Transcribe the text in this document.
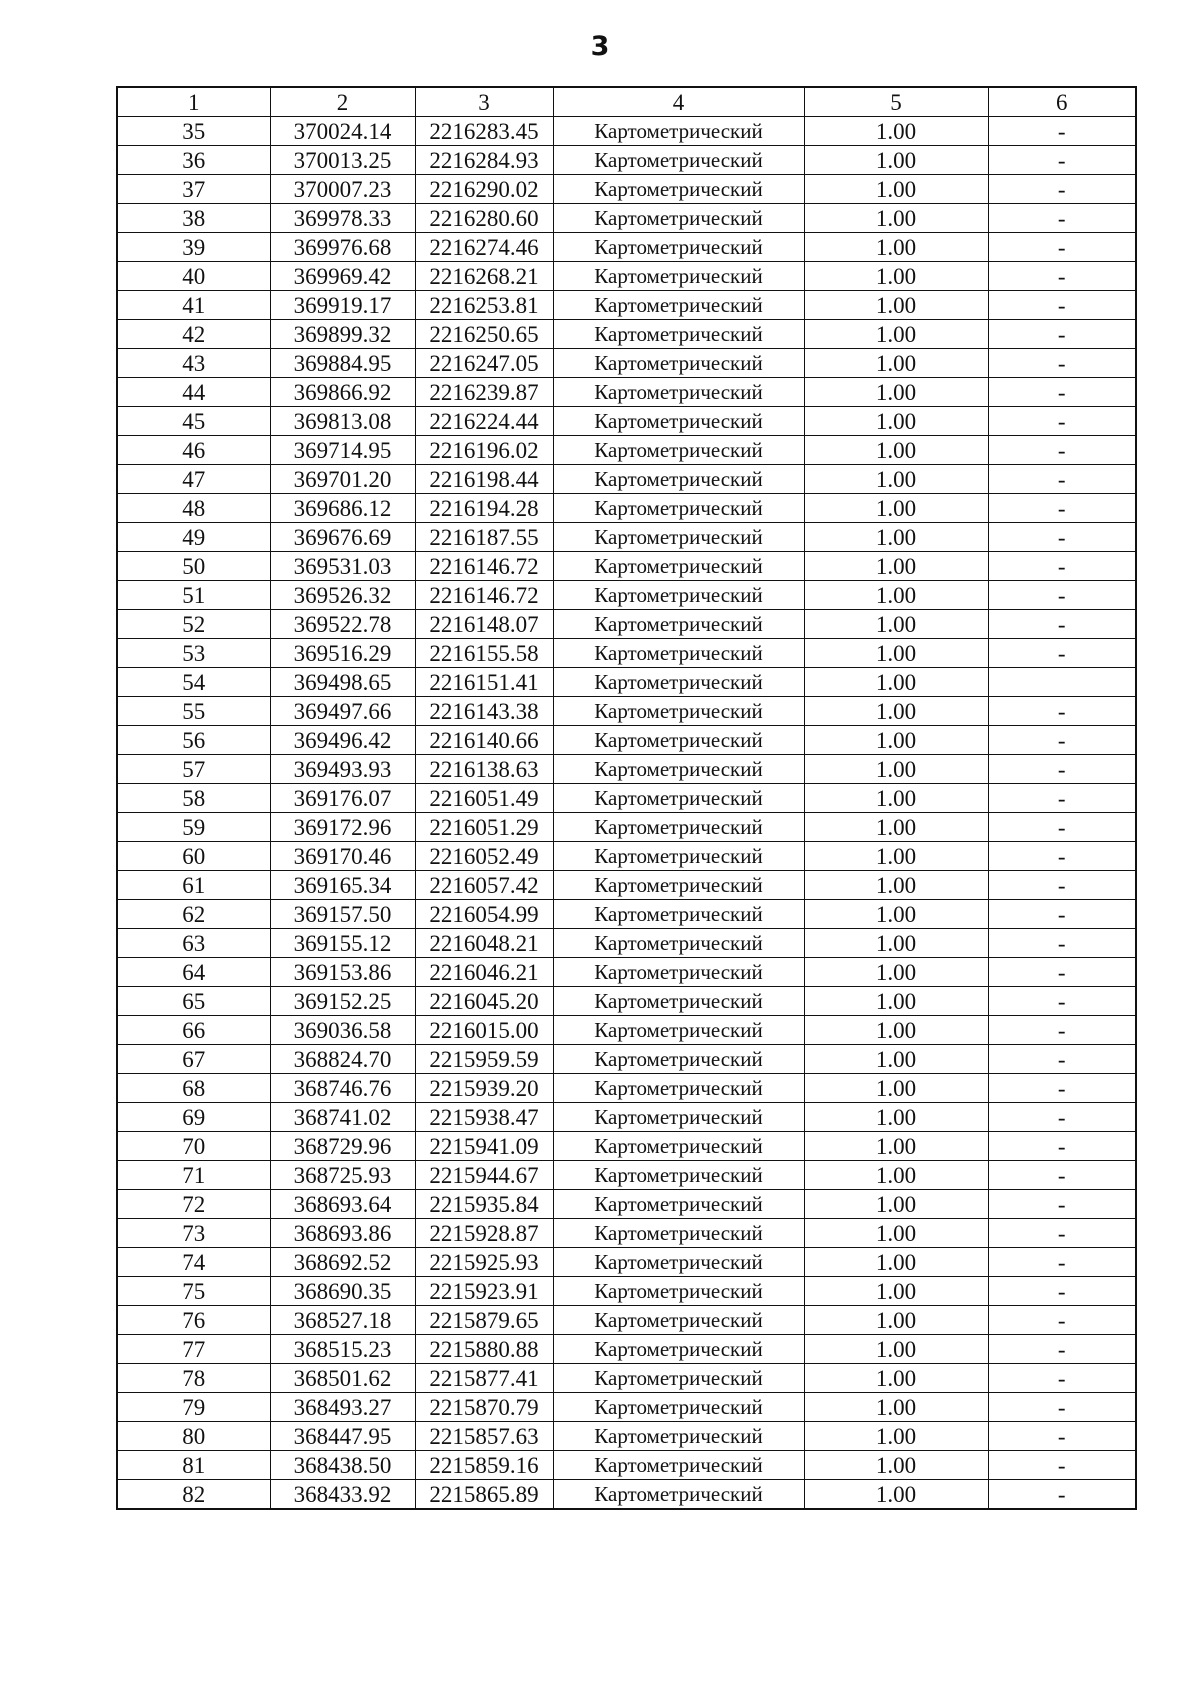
3
1	2	3	4	5	6
35	370024.14	2216283.45	Картометрический	1.00	-
36	370013.25	2216284.93	Картометрический	1.00	-
37	370007.23	2216290.02	Картометрический	1.00	-
38	369978.33	2216280.60	Картометрический	1.00	-
39	369976.68	2216274.46	Картометрический	1.00	-
40	369969.42	2216268.21	Картометрический	1.00	-
41	369919.17	2216253.81	Картометрический	1.00	-
42	369899.32	2216250.65	Картометрический	1.00	-
43	369884.95	2216247.05	Картометрический	1.00	-
44	369866.92	2216239.87	Картометрический	1.00	-
45	369813.08	2216224.44	Картометрический	1.00	-
46	369714.95	2216196.02	Картометрический	1.00	-
47	369701.20	2216198.44	Картометрический	1.00	-
48	369686.12	2216194.28	Картометрический	1.00	-
49	369676.69	2216187.55	Картометрический	1.00	-
50	369531.03	2216146.72	Картометрический	1.00	-
51	369526.32	2216146.72	Картометрический	1.00	-
52	369522.78	2216148.07	Картометрический	1.00	-
53	369516.29	2216155.58	Картометрический	1.00	-
54	369498.65	2216151.41	Картометрический	1.00	
55	369497.66	2216143.38	Картометрический	1.00	-
56	369496.42	2216140.66	Картометрический	1.00	-
57	369493.93	2216138.63	Картометрический	1.00	-
58	369176.07	2216051.49	Картометрический	1.00	-
59	369172.96	2216051.29	Картометрический	1.00	-
60	369170.46	2216052.49	Картометрический	1.00	-
61	369165.34	2216057.42	Картометрический	1.00	-
62	369157.50	2216054.99	Картометрический	1.00	-
63	369155.12	2216048.21	Картометрический	1.00	-
64	369153.86	2216046.21	Картометрический	1.00	-
65	369152.25	2216045.20	Картометрический	1.00	-
66	369036.58	2216015.00	Картометрический	1.00	-
67	368824.70	2215959.59	Картометрический	1.00	-
68	368746.76	2215939.20	Картометрический	1.00	-
69	368741.02	2215938.47	Картометрический	1.00	-
70	368729.96	2215941.09	Картометрический	1.00	-
71	368725.93	2215944.67	Картометрический	1.00	-
72	368693.64	2215935.84	Картометрический	1.00	-
73	368693.86	2215928.87	Картометрический	1.00	-
74	368692.52	2215925.93	Картометрический	1.00	-
75	368690.35	2215923.91	Картометрический	1.00	-
76	368527.18	2215879.65	Картометрический	1.00	-
77	368515.23	2215880.88	Картометрический	1.00	-
78	368501.62	2215877.41	Картометрический	1.00	-
79	368493.27	2215870.79	Картометрический	1.00	-
80	368447.95	2215857.63	Картометрический	1.00	-
81	368438.50	2215859.16	Картометрический	1.00	-
82	368433.92	2215865.89	Картометрический	1.00	-
